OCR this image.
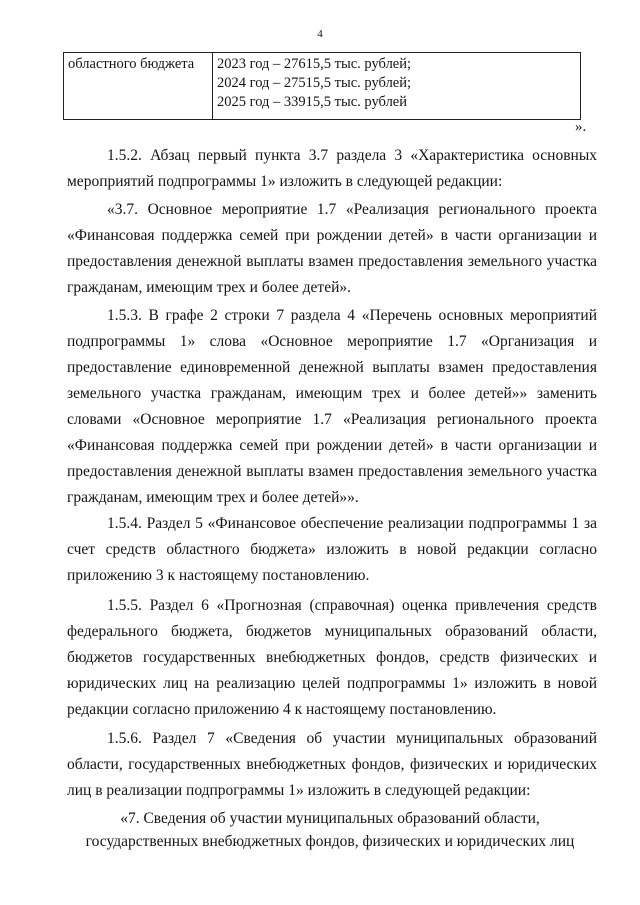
4
областного бюджета	2023 год – 27615,5 тыс. рублей;
2024 год – 27515,5 тыс. рублей;
2025 год – 33915,5 тыс. рублей
».
1.5.2. Абзац первый пункта 3.7 раздела 3 «Характеристика основных мероприятий подпрограммы 1» изложить в следующей редакции:
«3.7. Основное мероприятие 1.7 «Реализация регионального проекта «Финансовая поддержка семей при рождении детей» в части организации и предоставления денежной выплаты взамен предоставления земельного участка гражданам, имеющим трех и более детей».
1.5.3. В графе 2 строки 7 раздела 4 «Перечень основных мероприятий подпрограммы 1» слова «Основное мероприятие 1.7 «Организация и предоставление единовременной денежной выплаты взамен предоставления земельного участка гражданам, имеющим трех и более детей»» заменить словами «Основное мероприятие 1.7 «Реализация регионального проекта «Финансовая поддержка семей при рождении детей» в части организации и предоставления денежной выплаты взамен предоставления земельного участка гражданам, имеющим трех и более детей»».
1.5.4. Раздел 5 «Финансовое обеспечение реализации подпрограммы 1 за счет средств областного бюджета» изложить в новой редакции согласно приложению 3 к настоящему постановлению.
1.5.5. Раздел 6 «Прогнозная (справочная) оценка привлечения средств федерального бюджета, бюджетов муниципальных образований области, бюджетов государственных внебюджетных фондов, средств физических и юридических лиц на реализацию целей подпрограммы 1» изложить в новой редакции согласно приложению 4 к настоящему постановлению.
1.5.6. Раздел 7 «Сведения об участии муниципальных образований области, государственных внебюджетных фондов, физических и юридических лиц в реализации подпрограммы 1» изложить в следующей редакции:
«7. Сведения об участии муниципальных образований области,
государственных внебюджетных фондов, физических и юридических лиц
